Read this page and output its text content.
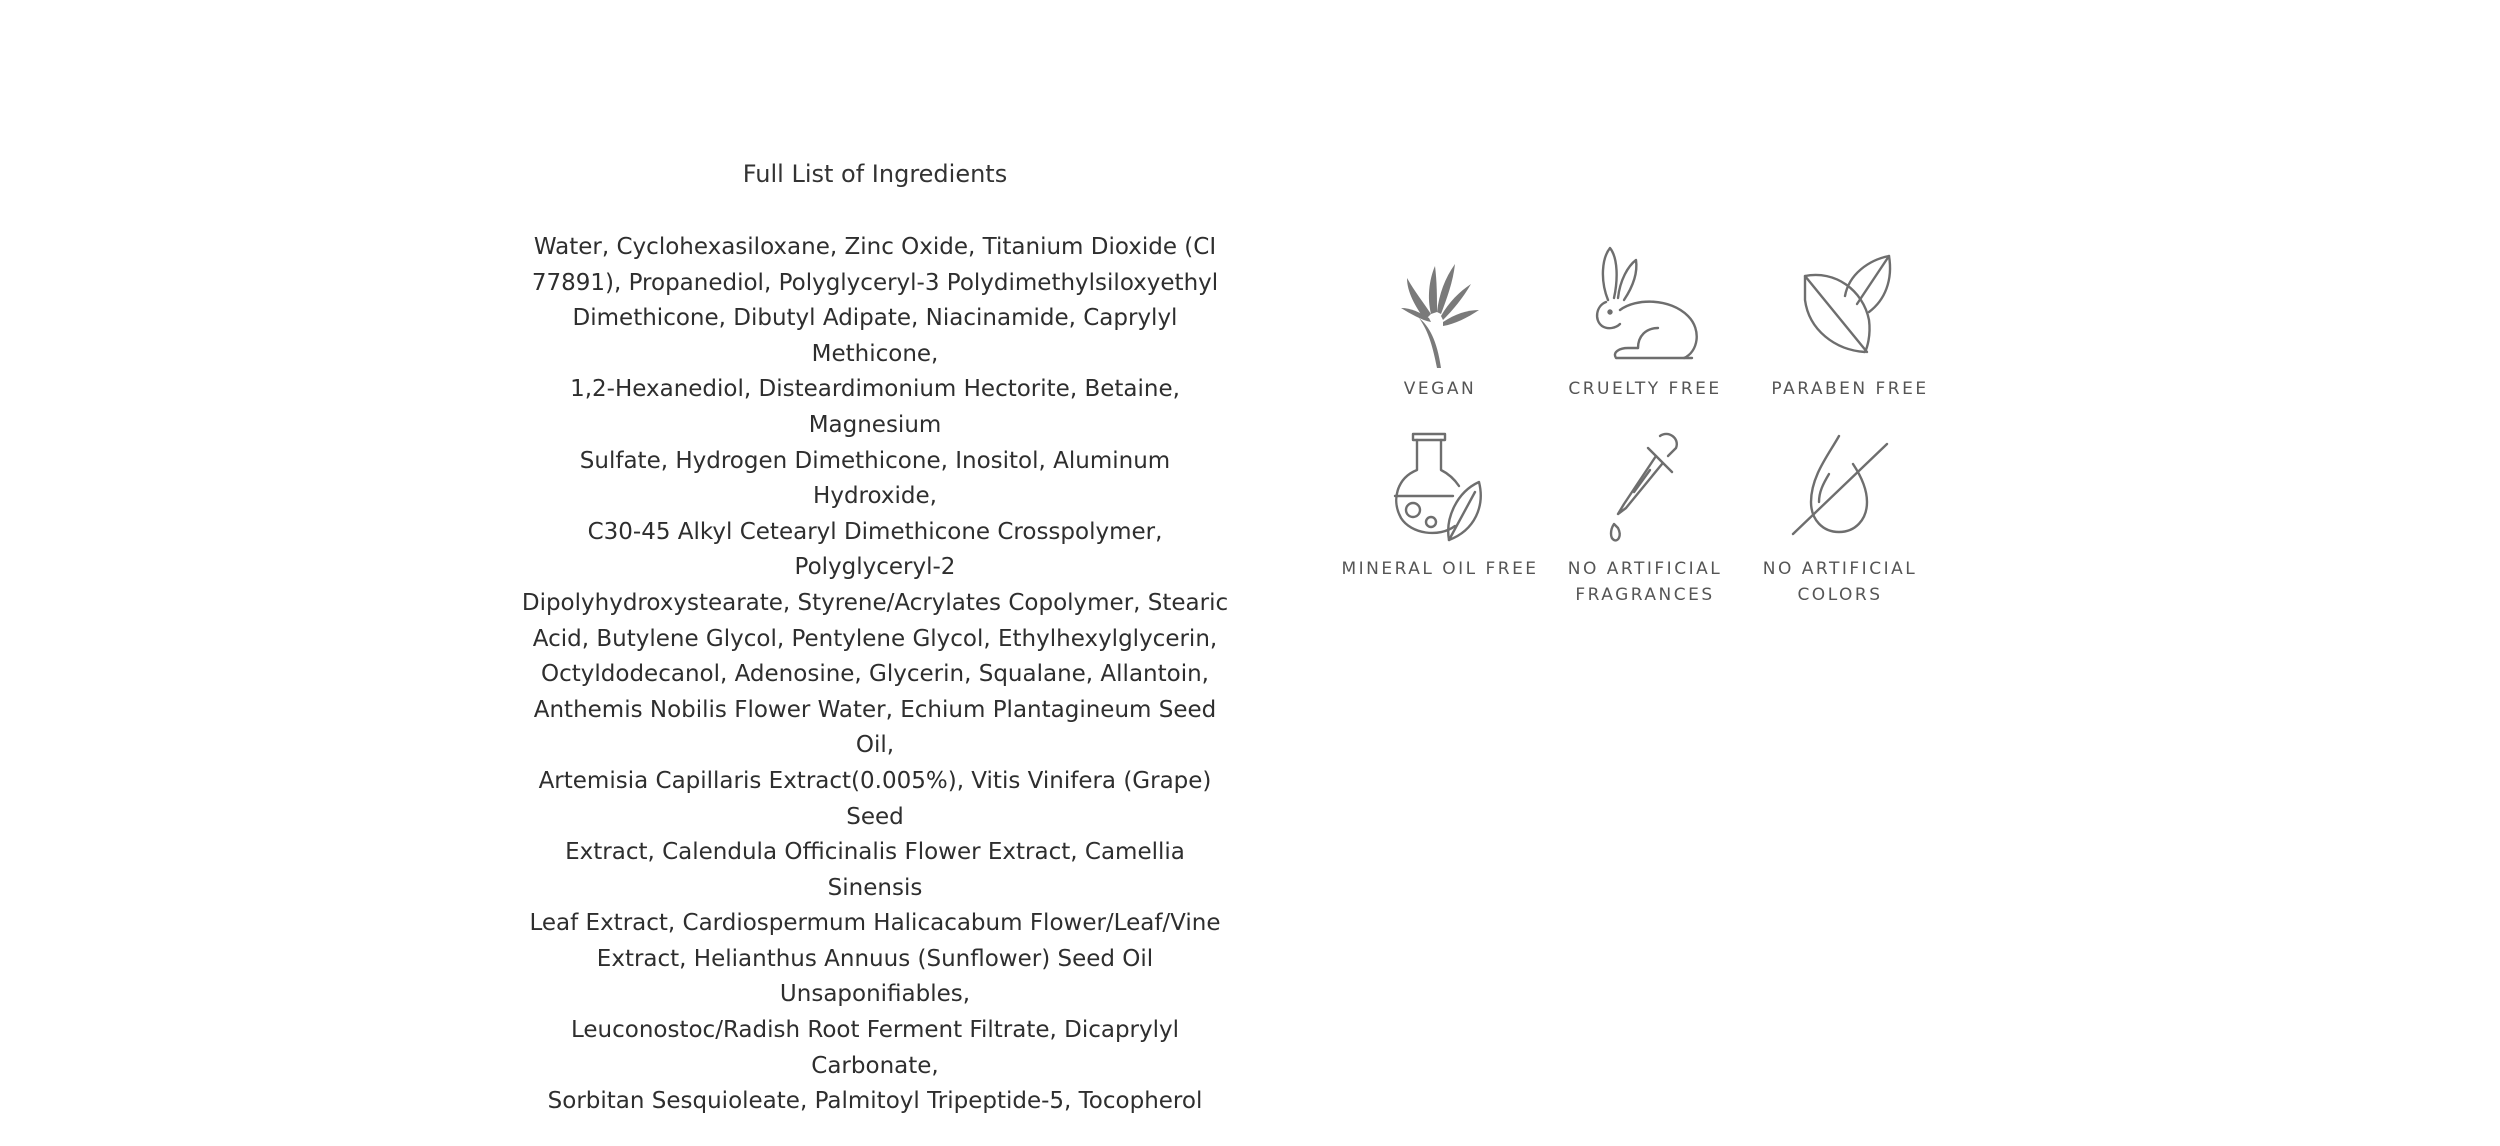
Full List of Ingredients

Water, Cyclohexasiloxane, Zinc Oxide, Titanium Dioxide (CI
77891), Propanediol, Polyglyceryl-3 Polydimethylsiloxyethyl
Dimethicone, Dibutyl Adipate, Niacinamide, Caprylyl Methicone,
1,2-Hexanediol, Disteardimonium Hectorite, Betaine, Magnesium
Sulfate, Hydrogen Dimethicone, Inositol, Aluminum Hydroxide,
C30-45 Alkyl Cetearyl Dimethicone Crosspolymer, Polyglyceryl-2
Dipolyhydroxystearate, Styrene/Acrylates Copolymer, Stearic
Acid, Butylene Glycol, Pentylene Glycol, Ethylhexylglycerin,
Octyldodecanol, Adenosine, Glycerin, Squalane, Allantoin,
Anthemis Nobilis Flower Water, Echium Plantagineum Seed Oil,
Artemisia Capillaris Extract(0.005%), Vitis Vinifera (Grape) Seed
Extract, Calendula Officinalis Flower Extract, Camellia Sinensis
Leaf Extract, Cardiospermum Halicacabum Flower/Leaf/Vine
Extract, Helianthus Annuus (Sunflower) Seed Oil Unsaponifiables,
Leuconostoc/Radish Root Ferment Filtrate, Dicaprylyl Carbonate,
Sorbitan Sesquioleate, Palmitoyl Tripeptide-5, Tocopherol

VEGAN	CRUELTY FREE	PARABEN FREE
MINERAL OIL FREE	NO ARTIFICIAL
FRAGRANCES
NO ARTIFICIAL
COLORS
